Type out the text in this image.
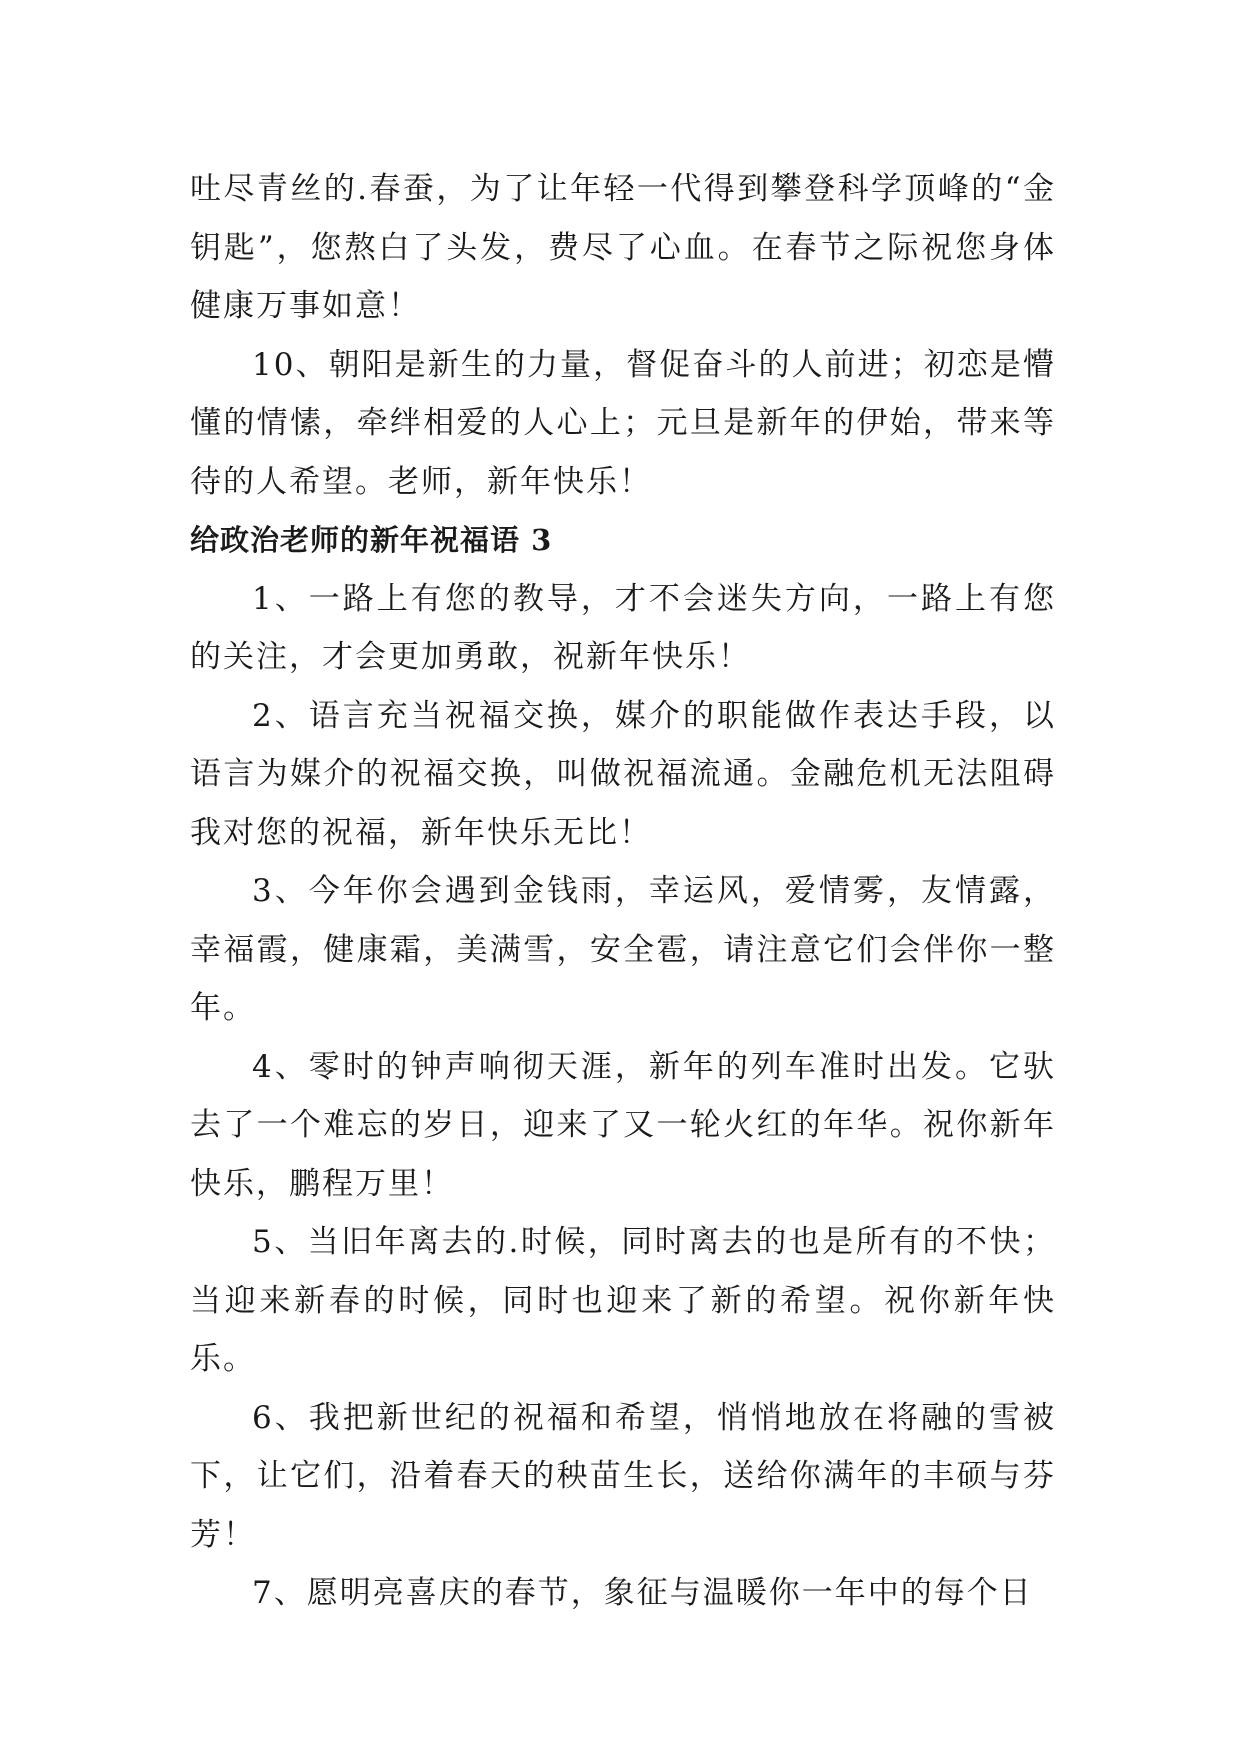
吐尽青丝的.春蚕，为了让年轻一代得到攀登科学顶峰的“金钥匙”，您熬白了头发，费尽了心血。在春节之际祝您身体健康万事如意！

10、朝阳是新生的力量，督促奋斗的人前进；初恋是懵懂的情愫，牵绊相爱的人心上；元旦是新年的伊始，带来等待的人希望。老师，新年快乐！

给政治老师的新年祝福语 3

1、一路上有您的教导，才不会迷失方向，一路上有您的关注，才会更加勇敢，祝新年快乐！

2、语言充当祝福交换，媒介的职能做作表达手段，以语言为媒介的祝福交换，叫做祝福流通。金融危机无法阻碍我对您的祝福，新年快乐无比！

3、今年你会遇到金钱雨，幸运风，爱情雾，友情露，幸福霞，健康霜，美满雪，安全雹，请注意它们会伴你一整年。

4、零时的钟声响彻天涯，新年的列车准时出发。它驮去了一个难忘的岁日，迎来了又一轮火红的年华。祝你新年快乐，鹏程万里！

5、当旧年离去的.时候，同时离去的也是所有的不快；当迎来新春的时候，同时也迎来了新的希望。祝你新年快乐。

6、我把新世纪的祝福和希望，悄悄地放在将融的雪被下，让它们，沿着春天的秧苗生长，送给你满年的丰硕与芬芳！

7、愿明亮喜庆的春节，象征与温暖你一年中的每个日
